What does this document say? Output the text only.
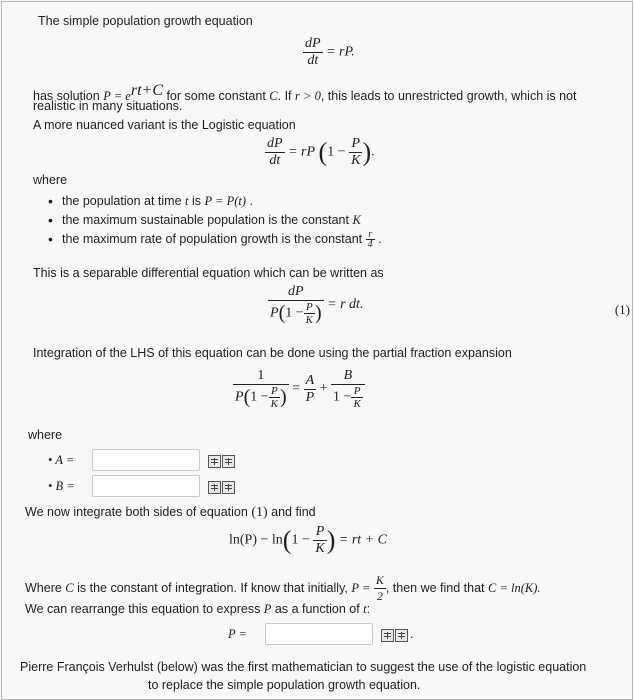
The simple population growth equation
$\frac{dP}{dt}$ = rP.
has solution $P = e^{rt+C}$ for some constant C. If r > 0, this leads to unrestricted growth, which is not
realistic in many situations.
A more nuanced variant is the Logistic equation
$\frac{dP}{dt}$ = rP ($1 - \frac{P}{K}$ ).
where
• the population at time t is P = P(t) .
• the maximum sustainable population is the constant K
• the maximum rate of population growth is the constant $\frac{r}{4}$ .
This is a separable differential equation which can be written as
$\frac{dP}{P(1 - \frac{P}{K} )} = r$ dt.	(1)
Integration of the LHS of this equation can be done using the partial fraction expansion
$\frac{1}{P(1 - \frac{P}{K} )} = \frac{A}{P} + \frac{B}{1 - \frac{P}{K}}$
where
• A =
• B =
We now integrate both sides of equation (1) and find
$\ln(P) - \ln(1 - \frac{P}{K}$ ) = rt + C
Where C is the constant of integration. If know that initially, $P = \frac{K}{2}$ , then we find that C = ln(K).
We can rearrange this equation to express P as a function of t:
P =	.
Pierre François Verhulst (below) was the first mathematician to suggest the use of the logistic equation
to replace the simple population growth equation.
